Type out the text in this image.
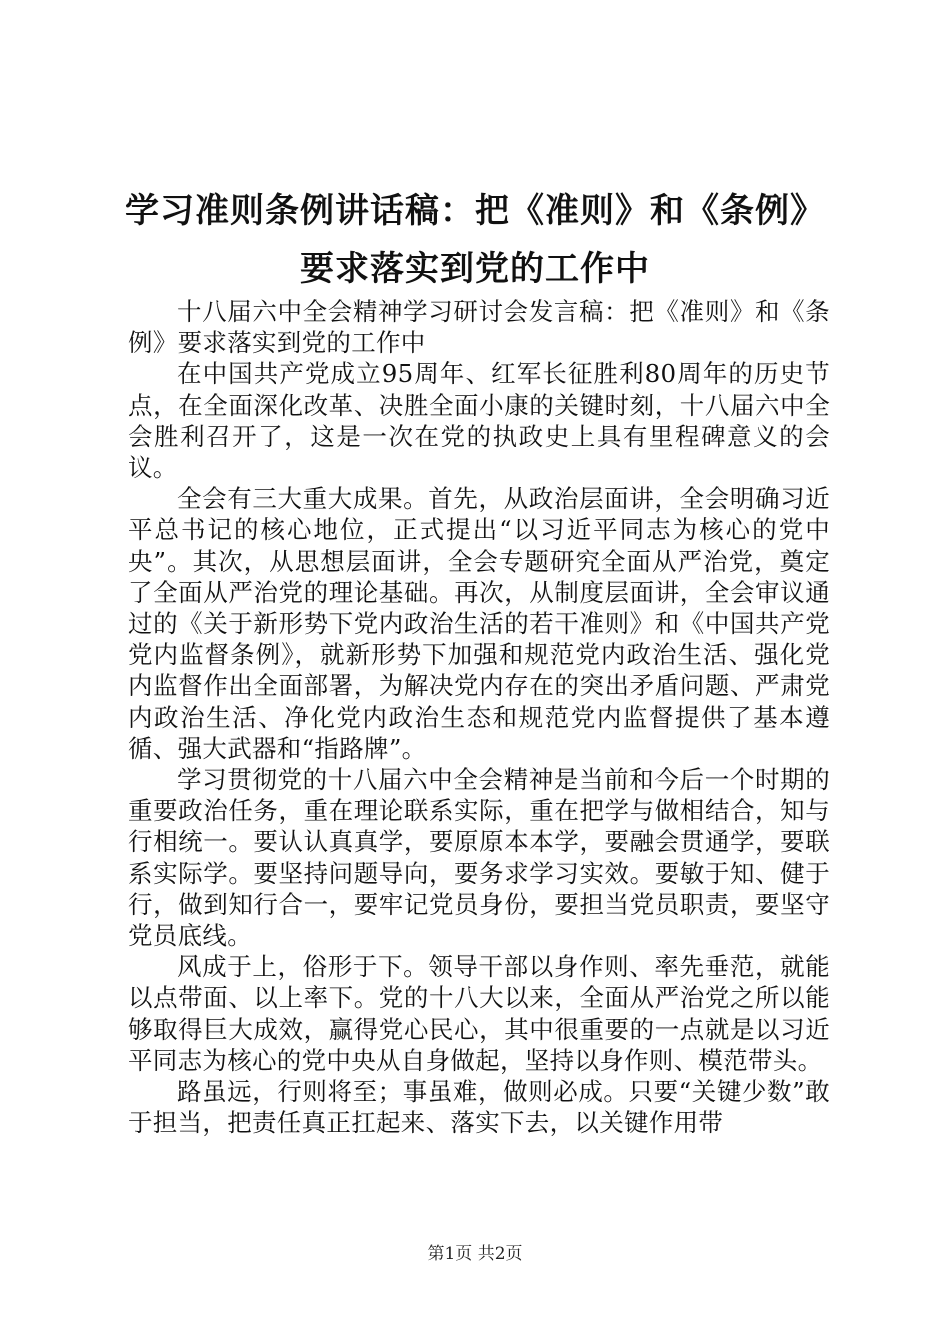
学习准则条例讲话稿：把《准则》和《条例》
要求落实到党的工作中

十八届六中全会精神学习研讨会发言稿：把《准则》和《条例》要求落实到党的工作中

在中国共产党成立95周年、红军长征胜利80周年的历史节点，在全面深化改革、决胜全面小康的关键时刻，十八届六中全会胜利召开了，这是一次在党的执政史上具有里程碑意义的会议。

全会有三大重大成果。首先，从政治层面讲，全会明确习近平总书记的核心地位，正式提出“以习近平同志为核心的党中央”。其次，从思想层面讲，全会专题研究全面从严治党，奠定了全面从严治党的理论基础。再次，从制度层面讲，全会审议通过的《关于新形势下党内政治生活的若干准则》和《中国共产党党内监督条例》，就新形势下加强和规范党内政治生活、强化党内监督作出全面部署，为解决党内存在的突出矛盾问题、严肃党内政治生活、净化党内政治生态和规范党内监督提供了基本遵循、强大武器和“指路牌”。

学习贯彻党的十八届六中全会精神是当前和今后一个时期的重要政治任务，重在理论联系实际，重在把学与做相结合，知与行相统一。要认认真真学，要原原本本学，要融会贯通学，要联系实际学。要坚持问题导向，要务求学习实效。要敏于知、健于行，做到知行合一，要牢记党员身份，要担当党员职责，要坚守党员底线。

风成于上，俗形于下。领导干部以身作则、率先垂范，就能以点带面、以上率下。党的十八大以来，全面从严治党之所以能够取得巨大成效，赢得党心民心，其中很重要的一点就是以习近平同志为核心的党中央从自身做起，坚持以身作则、模范带头。

路虽远，行则将至；事虽难，做则必成。只要“关键少数”敢于担当，把责任真正扛起来、落实下去，以关键作用带

第1页 共2页
